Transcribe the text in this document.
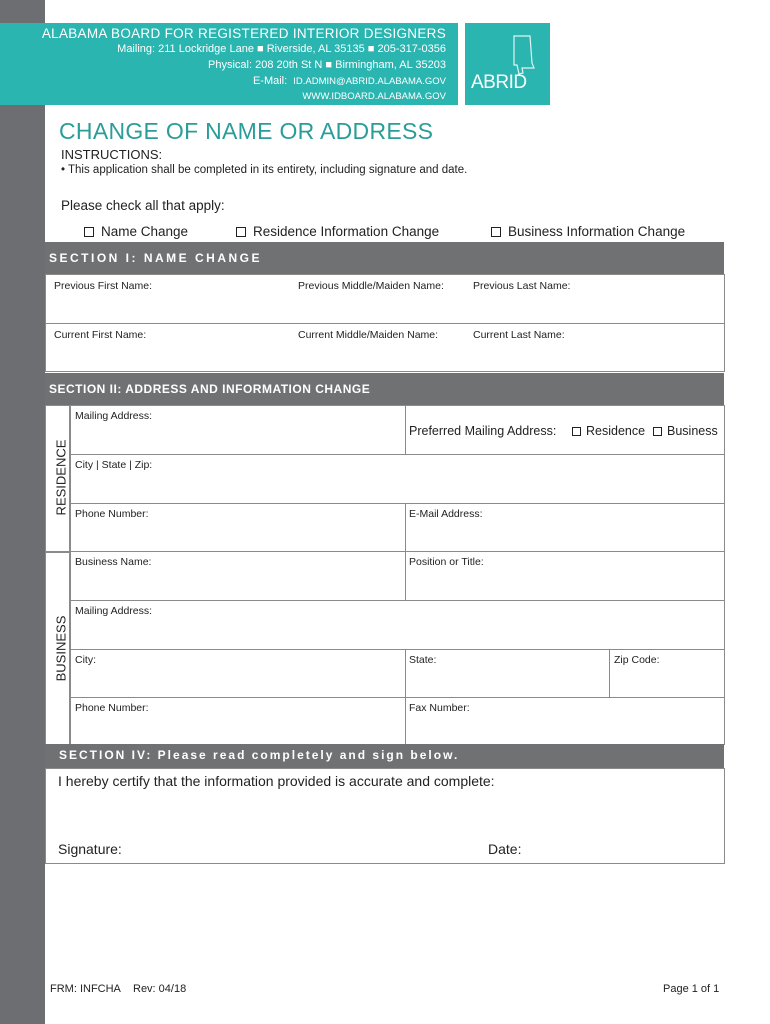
ALABAMA BOARD FOR REGISTERED INTERIOR DESIGNERS
Mailing: 211 Lockridge Lane ■ Riverside, AL 35135 ■ 205-317-0356
Physical: 208 20th St N ■ Birmingham, AL 35203
E-Mail: ID.ADMIN@ABRID.ALABAMA.GOV
WWW.IDBOARD.ALABAMA.GOV
ABRID
CHANGE OF NAME OR ADDRESS
INSTRUCTIONS:
• This application shall be completed in its entirety, including signature and date.
Please check all that apply:
Name Change	Residence Information Change	Business Information Change
SECTION I: NAME CHANGE
Previous First Name:	Previous Middle/Maiden Name:	Previous Last Name:
Current First Name:	Current Middle/Maiden Name:	Current Last Name:
SECTION II: ADDRESS AND INFORMATION CHANGE
RESIDENCE
BUSINESS
Mailing Address:
Preferred Mailing Address:	Residence	Business
City | State | Zip:
Phone Number:	E-Mail Address:
Business Name:	Position or Title:
Mailing Address:
City:	State:	Zip Code:
Phone Number:	Fax Number:
SECTION IV: Please read completely and sign below.
I hereby certify that the information provided is accurate and complete:
Signature:	Date:
FRM: INFCHA Rev: 04/18	Page 1 of 1
